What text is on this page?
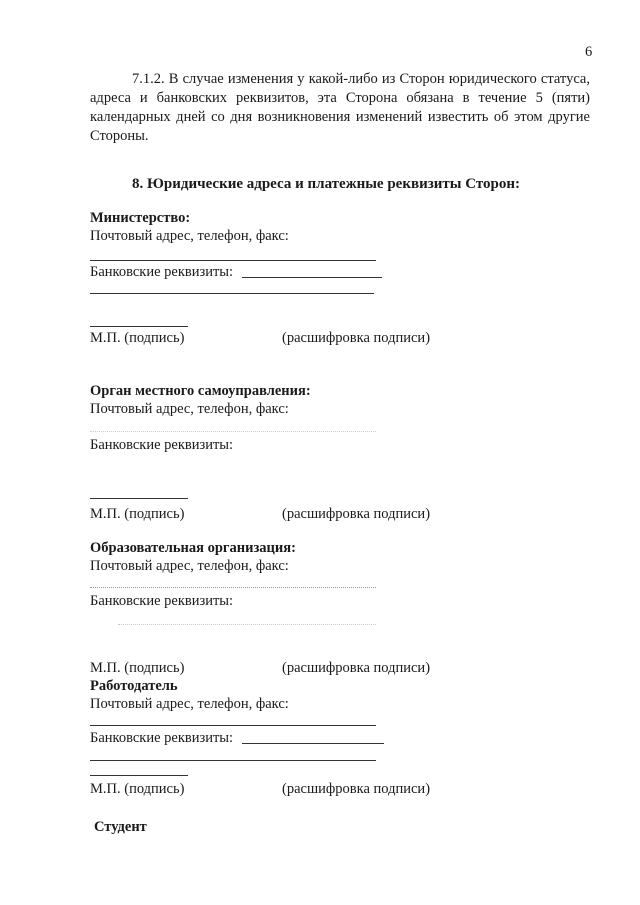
6
7.1.2. В случае изменения у какой-либо из Сторон юридического статуса, адреса и банковских реквизитов, эта Сторона обязана в течение 5 (пяти) календарных дней со дня возникновения изменений известить об этом другие Стороны.
8. Юридические адреса и платежные реквизиты Сторон:
Министерство:
Почтовый адрес, телефон, факс:
Банковские реквизиты:
М.П. (подпись)	(расшифровка подписи)
Орган местного самоуправления:
Почтовый адрес, телефон, факс:
Банковские реквизиты:
М.П. (подпись)	(расшифровка подписи)
Образовательная организация:
Почтовый адрес, телефон, факс:
Банковские реквизиты:
М.П. (подпись)	(расшифровка подписи)
Работодатель
Почтовый адрес, телефон, факс:
Банковские реквизиты:
М.П. (подпись)	(расшифровка подписи)
Студент
